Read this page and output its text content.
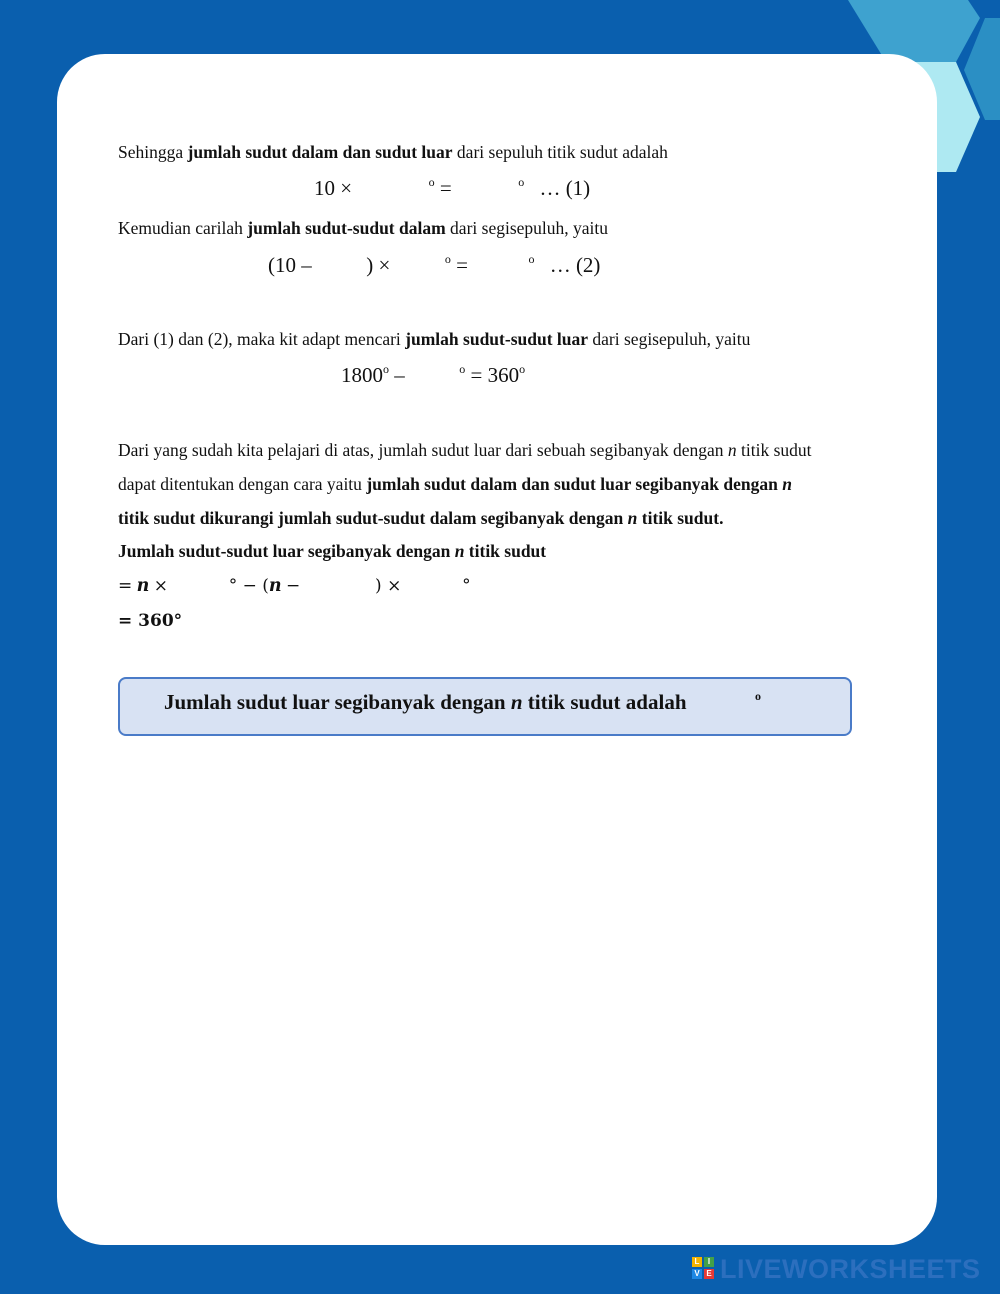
Sehingga jumlah sudut dalam dan sudut luar dari sepuluh titik sudut adalah
10 ×	$^o$ =	$^o$ … (1)
Kemudian carilah jumlah sudut-sudut dalam dari segisepuluh, yaitu
(10 –	) ×	$^o$ =	$^o$ … (2)
Dari (1) dan (2), maka kit adapt mencari jumlah sudut-sudut luar dari segisepuluh, yaitu
1800$^o$ –	$^o = 360^o$
Dari yang sudah kita pelajari di atas, jumlah sudut luar dari sebuah segibanyak dengan n titik sudut
dapat ditentukan dengan cara yaitu jumlah sudut dalam dan sudut luar segibanyak dengan n
titik sudut dikurangi jumlah sudut-sudut dalam segibanyak dengan n titik sudut.
Jumlah sudut-sudut luar segibanyak dengan n titik sudut
= n ×	° − (n −	) ×	°
= 360°
Jumlah sudut luar segibanyak dengan n titik sudut adalah	$^o$
L	I
V E LIVEWORKSHEETS
